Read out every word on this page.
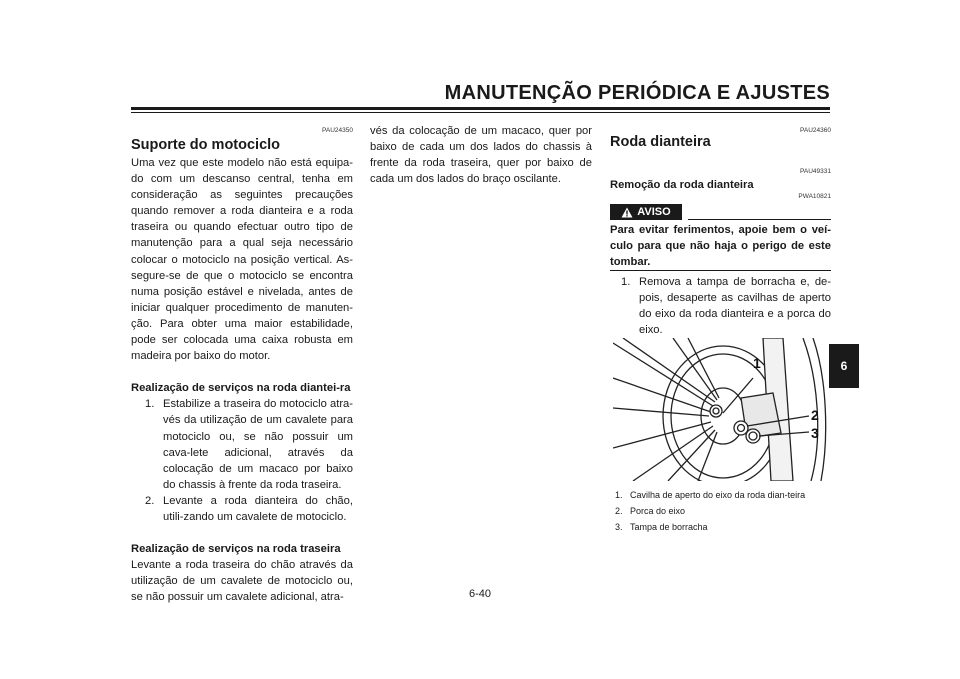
MANUTENÇÃO PERIÓDICA E AJUSTES
6
PAU24350
Suporte do motociclo

Uma vez que este modelo não está equipa-do com um descanso central, tenha em consideração as seguintes precauções quando remover a roda dianteira e a roda traseira ou quando efectuar outro tipo de manutenção para a qual seja necessário colocar o motociclo na posição vertical. As-segure-se de que o motociclo se encontra numa posição estável e nivelada, antes de iniciar qualquer procedimento de manuten-ção. Para obter uma maior estabilidade, pode ser colocada uma caixa robusta em madeira por baixo do motor.

Realização de serviços na roda diantei-ra

1. Estabilize a traseira do motociclo atra-vés da utilização de um cavalete para motociclo ou, se não possuir um cava-lete adicional, através da colocação de um macaco por baixo do chassis à frente da roda traseira.
2. Levante a roda dianteira do chão, utili-zando um cavalete de motociclo.

Realização de serviços na roda traseira

Levante a roda traseira do chão através da utilização de um cavalete de motociclo ou, se não possuir um cavalete adicional, atra-

vés da colocação de um macaco, quer por baixo de cada um dos lados do chassis à frente da roda traseira, quer por baixo de cada um dos lados do braço oscilante.

PAU24360
Roda dianteira
PAU49331
Remoção da roda dianteira
PWA10821
AVISO
Para evitar ferimentos, apoie bem o veí-culo para que não haja o perigo de este tombar.
1. Remova a tampa de borracha e, de-pois, desaperte as cavilhas de aperto do eixo da roda dianteira e a porca do eixo.
1
2
3
1. Cavilha de aperto do eixo da roda dian-teira
2. Porca do eixo
3. Tampa de borracha
6-40
